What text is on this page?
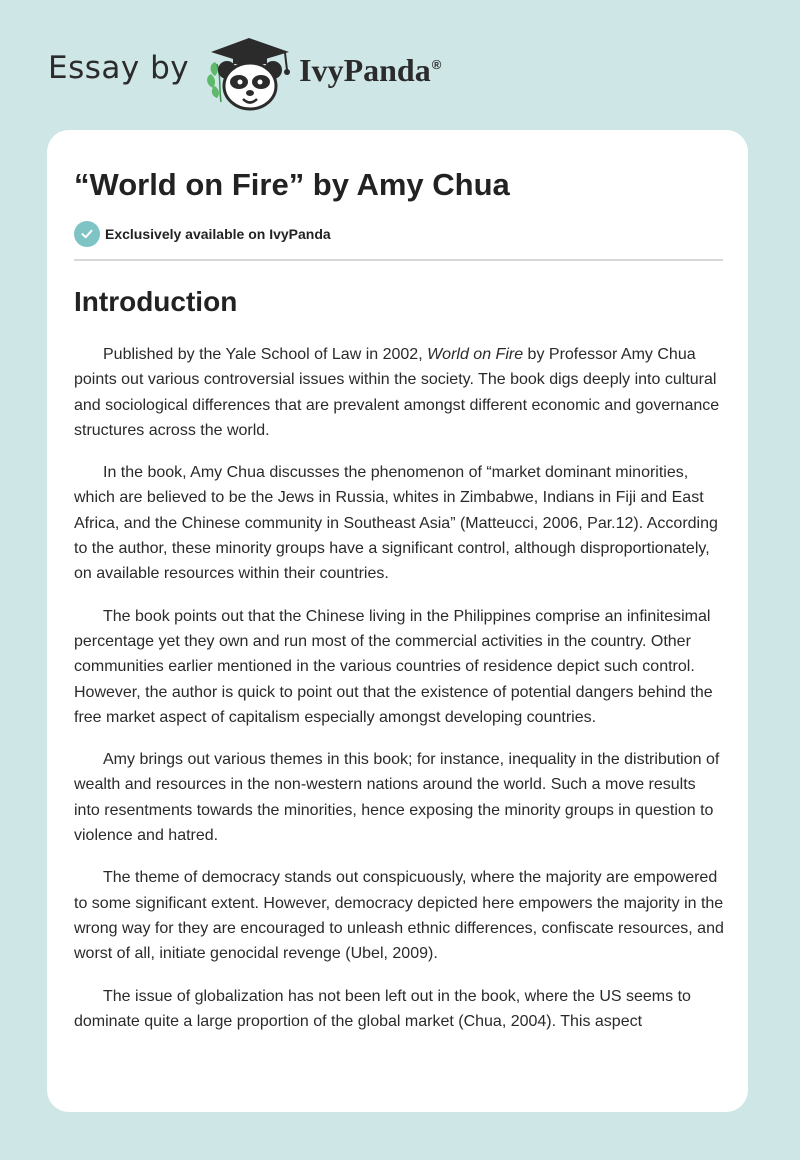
Essay by	IvyPanda®
“World on Fire” by Amy Chua
Exclusively available on IvyPanda
Introduction

Published by the Yale School of Law in 2002, World on Fire by Professor Amy Chua points out various controversial issues within the society. The book digs deeply into cultural and sociological differences that are prevalent amongst different economic and governance structures across the world.

In the book, Amy Chua discusses the phenomenon of “market dominant minorities, which are believed to be the Jews in Russia, whites in Zimbabwe, Indians in Fiji and East Africa, and the Chinese community in Southeast Asia” (Matteucci, 2006, Par.12). According to the author, these minority groups have a significant control, although disproportionately, on available resources within their countries.

The book points out that the Chinese living in the Philippines comprise an infinitesimal percentage yet they own and run most of the commercial activities in the country. Other communities earlier mentioned in the various countries of residence depict such control. However, the author is quick to point out that the existence of potential dangers behind the free market aspect of capitalism especially amongst developing countries.

Amy brings out various themes in this book; for instance, inequality in the distribution of wealth and resources in the non-western nations around the world. Such a move results into resentments towards the minorities, hence exposing the minority groups in question to violence and hatred.

The theme of democracy stands out conspicuously, where the majority are empowered to some significant extent. However, democracy depicted here empowers the majority in the wrong way for they are encouraged to unleash ethnic differences, confiscate resources, and worst of all, initiate genocidal revenge (Ubel, 2009).

The issue of globalization has not been left out in the book, where the US seems to dominate quite a large proportion of the global market (Chua, 2004). This aspect
